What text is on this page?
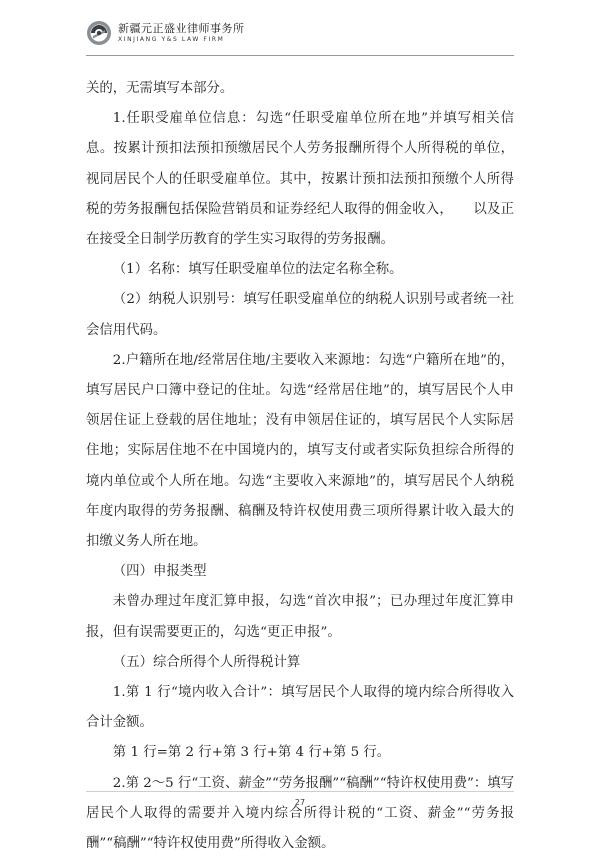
新疆元正盛业律师事务所
XINJIANG Y&S LAW FIRM

关的，无需填写本部分。

1.任职受雇单位信息：勾选“任职受雇单位所在地”并填写相关信息。按累计预扣法预扣预缴居民个人劳务报酬所得个人所得税的单位，视同居民个人的任职受雇单位。其中，按累计预扣法预扣预缴个人所得税的劳务报酬包括保险营销员和证券经纪人取得的佣金收入，　　以及正在接受全日制学历教育的学生实习取得的劳务报酬。

（1）名称：填写任职受雇单位的法定名称全称。

（2）纳税人识别号：填写任职受雇单位的纳税人识别号或者统一社会信用代码。

2.户籍所在地/经常居住地/主要收入来源地：勾选“户籍所在地”的，填写居民户口簿中登记的住址。勾选“经常居住地”的，填写居民个人申领居住证上登载的居住地址；没有申领居住证的，填写居民个人实际居住地；实际居住地不在中国境内的，填写支付或者实际负担综合所得的境内单位或个人所在地。勾选“主要收入来源地”的，填写居民个人纳税年度内取得的劳务报酬、稿酬及特许权使用费三项所得累计收入最大的扣缴义务人所在地。

（四）申报类型

未曾办理过年度汇算申报，勾选“首次申报”；已办理过年度汇算申报，但有误需要更正的，勾选“更正申报”。

（五）综合所得个人所得税计算

1.第 1 行“境内收入合计”：填写居民个人取得的境内综合所得收入合计金额。

第 1 行=第 2 行+第 3 行+第 4 行+第 5 行。

2.第 2～5 行“工资、薪金”“劳务报酬”“稿酬”“特许权使用费”：填写居民个人取得的需要并入境内综合所得计税的“工资、薪金”“劳务报酬”“稿酬”“特许权使用费”所得收入金额。

27
